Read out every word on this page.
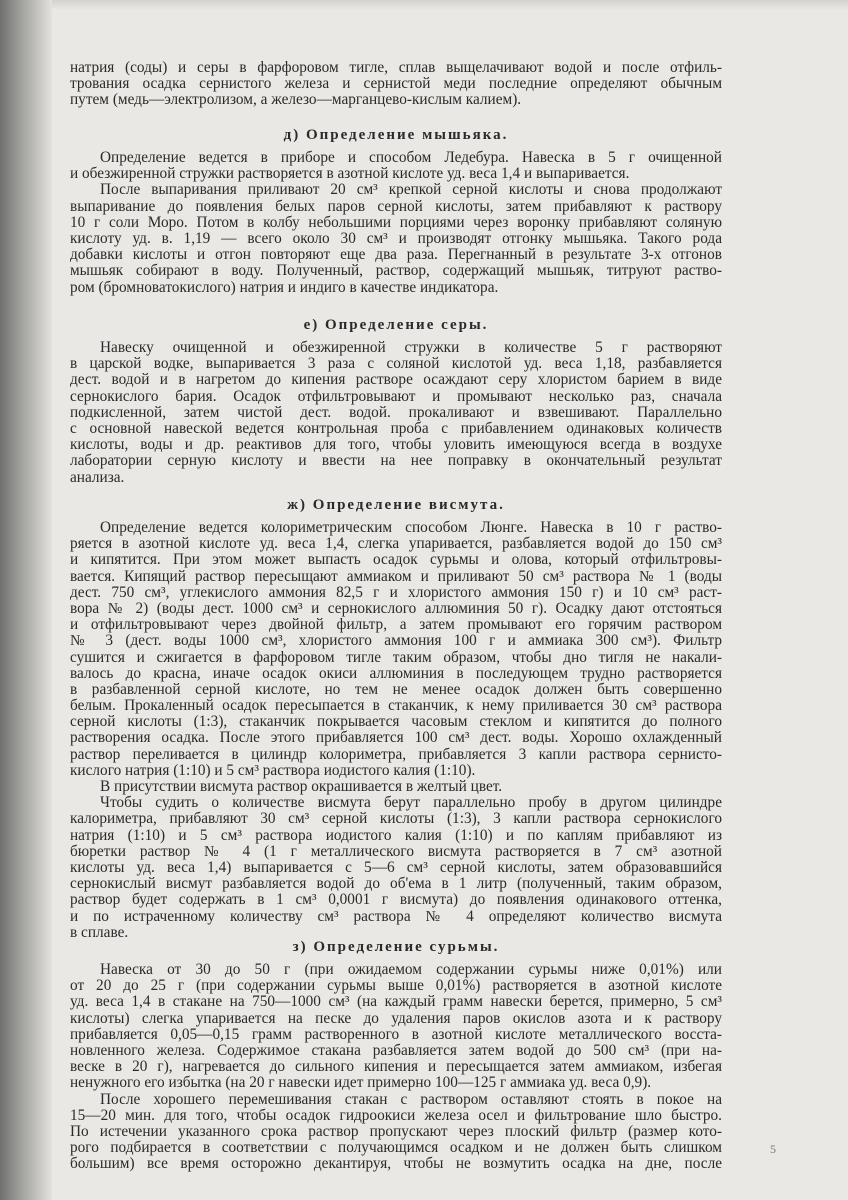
натрия (соды) и серы в фарфоровом тигле, сплав выщелачивают водой и после отфиль-
трования осадка сернистого железа и сернистой меди последние определяют обычным
путем (медь—электролизом, а железо—марганцево-кислым калием).
д) Определение мышьяка.
Определение ведется в приборе и способом Ледебура. Навеска в 5 г очищенной
и обезжиренной стружки растворяется в азотной кислоте уд. веса 1,4 и выпаривается.
После выпаривания приливают 20 см³ крепкой серной кислоты и снова продолжают
выпаривание до появления белых паров серной кислоты, затем прибавляют к раствору
10 г соли Моро. Потом в колбу небольшими порциями через воронку прибавляют соляную
кислоту уд. в. 1,19 — всего около 30 см³ и производят отгонку мышьяка. Такого рода
добавки кислоты и отгон повторяют еще два раза. Перегнанный в результате 3-х отгонов
мышьяк собирают в воду. Полученный, раствор, содержащий мышьяк, титруют раство-
ром (бромноватокислого) натрия и индиго в качестве индикатора.
е) Определение серы.
Навеску очищенной и обезжиренной стружки в количестве 5 г растворяют
в царской водке, выпаривается 3 раза с соляной кислотой уд. веса 1,18, разбавляется
дест. водой и в нагретом до кипения растворе осаждают серу хлористом барием в виде
сернокислого бария. Осадок отфильтровывают и промывают несколько раз, сначала
подкисленной, затем чистой дест. водой. прокаливают и взвешивают. Параллельно
с основной навеской ведется контрольная проба с прибавлением одинаковых количеств
кислоты, воды и др. реактивов для того, чтобы уловить имеющуюся всегда в воздухе
лаборатории серную кислоту и ввести на нее поправку в окончательный результат
анализа.
ж) Определение висмута.
Определение ведется колориметрическим способом Люнге. Навеска в 10 г раство-
ряется в азотной кислоте уд. веса 1,4, слегка упаривается, разбавляется водой до 150 см³
и кипятится. При этом может выпасть осадок сурьмы и олова, который отфильтровы-
вается. Кипящий раствор пересыщают аммиаком и приливают 50 см³ раствора № 1 (воды
дест. 750 см³, углекислого аммония 82,5 г и хлористого аммония 150 г) и 10 см³ раст-
вора № 2) (воды дест. 1000 см³ и сернокислого аллюминия 50 г). Осадку дают отстояться
и отфильтровывают через двойной фильтр, а затем промывают его горячим раствором
№ 3 (дест. воды 1000 см³, хлористого аммония 100 г и аммиака 300 см³). Фильтр
сушится и сжигается в фарфоровом тигле таким образом, чтобы дно тигля не накали-
валось до красна, иначе осадок окиси аллюминия в последующем трудно растворяется
в разбавленной серной кислоте, но тем не менее осадок должен быть совершенно
белым. Прокаленный осадок пересыпается в стаканчик, к нему приливается 30 см³ раствора
серной кислоты (1:3), стаканчик покрывается часовым стеклом и кипятится до полного
растворения осадка. После этого прибавляется 100 см³ дест. воды. Хорошо охлажденный
раствор переливается в цилиндр колориметра, прибавляется 3 капли раствора сернисто-
кислого натрия (1:10) и 5 см³ раствора иодистого калия (1:10).
В присутствии висмута раствор окрашивается в желтый цвет.
Чтобы судить о количестве висмута берут параллельно пробу в другом цилиндре
калориметра, прибавляют 30 см³ серной кислоты (1:3), 3 капли раствора сернокислого
натрия (1:10) и 5 см³ раствора иодистого калия (1:10) и по каплям прибавляют из
бюретки раствор № 4 (1 г металлического висмута растворяется в 7 см³ азотной
кислоты уд. веса 1,4) выпаривается с 5—6 см³ серной кислоты, затем образовавшийся
сернокислый висмут разбавляется водой до об'ема в 1 литр (полученный, таким образом,
раствор будет содержать в 1 см³ 0,0001 г висмута) до появления одинакового оттенка,
и по истраченному количеству см³ раствора № 4 определяют количество висмута
в сплаве.
з) Определение сурьмы.
Навеска от 30 до 50 г (при ожидаемом содержании сурьмы ниже 0,01%) или
от 20 до 25 г (при содержании сурьмы выше 0,01%) растворяется в азотной кислоте
уд. веса 1,4 в стакане на 750—1000 см³ (на каждый грамм навески берется, примерно, 5 см³
кислоты) слегка упаривается на песке до удаления паров окислов азота и к раствору
прибавляется 0,05—0,15 грамм растворенного в азотной кислоте металлического восста-
новленного железа. Содержимое стакана разбавляется затем водой до 500 см³ (при на-
веске в 20 г), нагревается до сильного кипения и пересыщается затем аммиаком, избегая
ненужного его избытка (на 20 г навески идет примерно 100—125 г аммиака уд. веса 0,9).
После хорошего перемешивания стакан с раствором оставляют стоять в покое на
15—20 мин. для того, чтобы осадок гидроокиси железа осел и фильтрование шло быстро.
По истечении указанного срока раствор пропускают через плоский фильтр (размер кото-
рого подбирается в соответствии с получающимся осадком и не должен быть слишком
большим) все время осторожно декантируя, чтобы не возмутить осадка на дне, после
5
